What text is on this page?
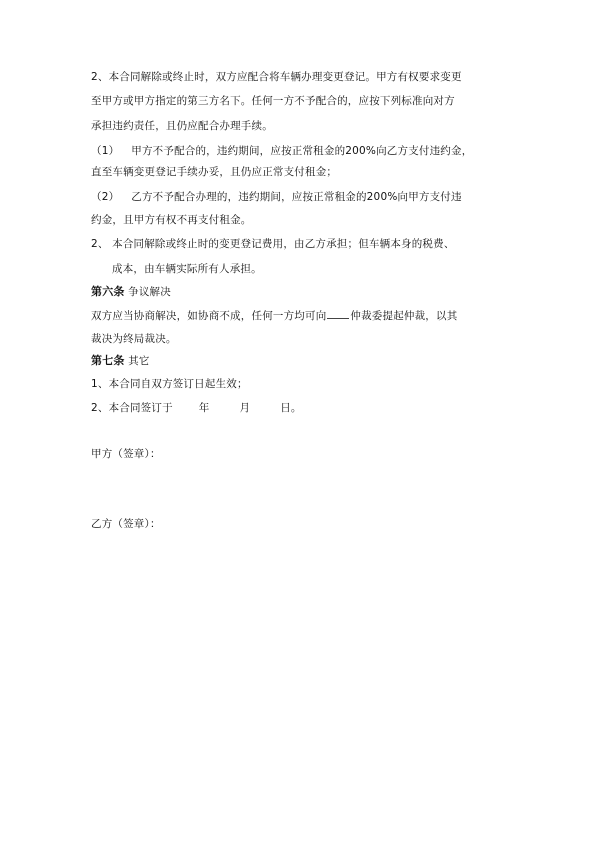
2、本合同解除或终止时，双方应配合将车辆办理变更登记。甲方有权要求变更
至甲方或甲方指定的第三方名下。任何一方不予配合的，应按下列标准向对方
承担违约责任，且仍应配合办理手续。
（1） 甲方不予配合的，违约期间，应按正常租金的200%向乙方支付违约金，
直至车辆变更登记手续办妥，且仍应正常支付租金；
（2） 乙方不予配合办理的，违约期间，应按正常租金的200%向甲方支付违
约金，且甲方有权不再支付租金。
2、 本合同解除或终止时的变更登记费用，由乙方承担；但车辆本身的税费、
成本，由车辆实际所有人承担。
第六条 争议解决
双方应当协商解决，如协商不成，任何一方均可向 仲裁委提起仲裁，以其
裁决为终局裁决。
第七条 其它
1、本合同自双方签订日起生效；
2、本合同签订于 年	月	日。
甲方（签章）：
乙方（签章）：
